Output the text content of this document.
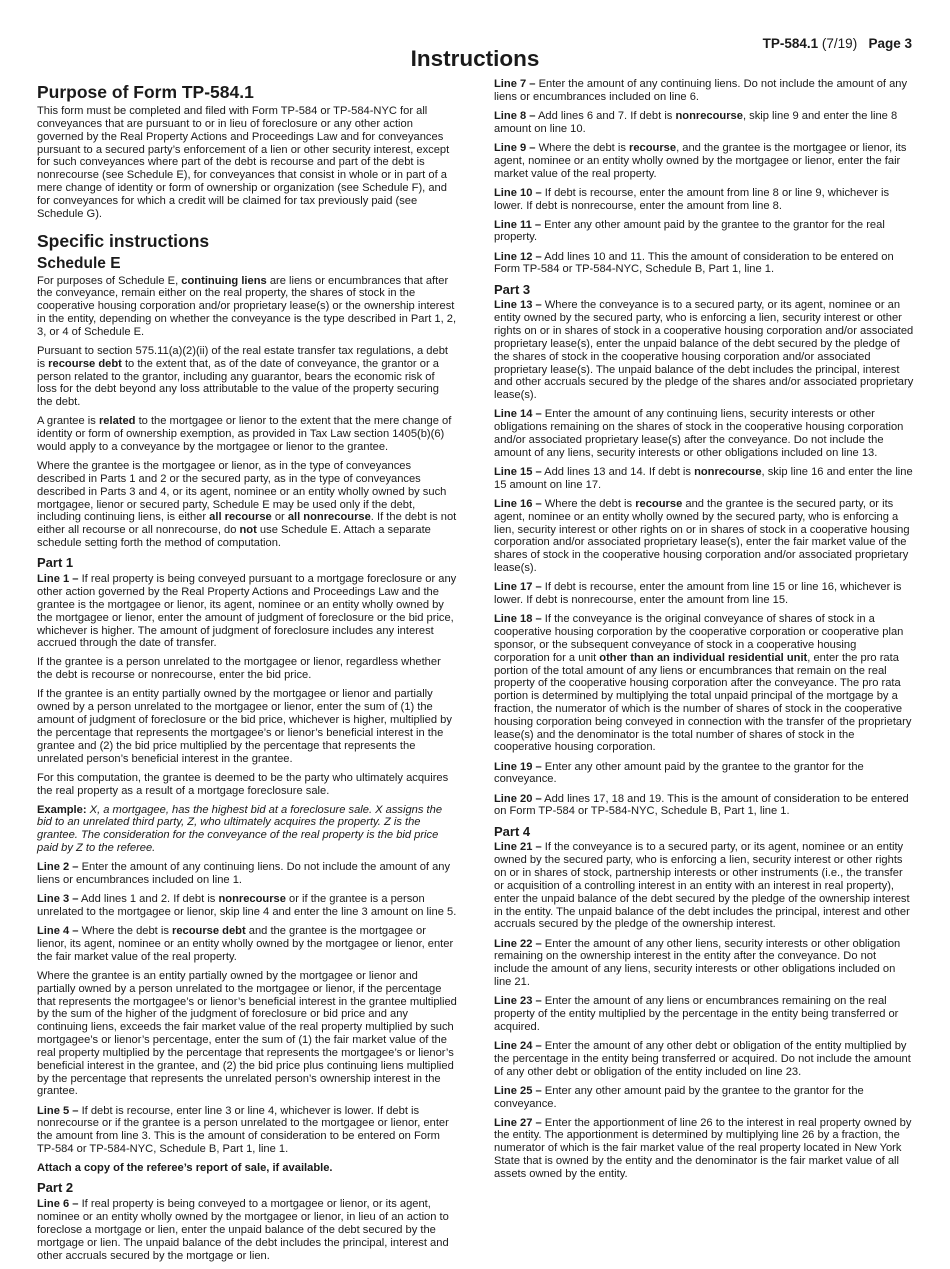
TP-584.1 (7/19) Page 3
Instructions
Purpose of Form TP-584.1

This form must be completed and filed with Form TP-584 or TP-584-NYC for all conveyances that are pursuant to or in lieu of foreclosure or any other action governed by the Real Property Actions and Proceedings Law and for conveyances pursuant to a secured party’s enforcement of a lien or other security interest, except for such conveyances where part of the debt is recourse and part of the debt is nonrecourse (see Schedule E), for conveyances that consist in whole or in part of a mere change of identity or form of ownership or organization (see Schedule F), and for conveyances for which a credit will be claimed for tax previously paid (see Schedule G).

Specific instructions
Schedule E

For purposes of Schedule E, continuing liens are liens or encumbrances that after the conveyance, remain either on the real property, the shares of stock in the cooperative housing corporation and/or proprietary lease(s) or the ownership interest in the entity, depending on whether the conveyance is the type described in Part 1, 2, 3, or 4 of Schedule E.

Pursuant to section 575.11(a)(2)(ii) of the real estate transfer tax regulations, a debt is recourse debt to the extent that, as of the date of conveyance, the grantor or a person related to the grantor, including any guarantor, bears the economic risk of loss for the debt beyond any loss attributable to the value of the property securing the debt.

A grantee is related to the mortgagee or lienor to the extent that the mere change of identity or form of ownership exemption, as provided in Tax Law section 1405(b)(6) would apply to a conveyance by the mortgagee or lienor to the grantee.

Where the grantee is the mortgagee or lienor, as in the type of conveyances described in Parts 1 and 2 or the secured party, as in the type of conveyances described in Parts 3 and 4, or its agent, nominee or an entity wholly owned by such mortgagee, lienor or secured party, Schedule E may be used only if the debt, including continuing liens, is either all recourse or all nonrecourse. If the debt is not either all recourse or all nonrecourse, do not use Schedule E. Attach a separate schedule setting forth the method of computation.

Part 1

Line 1 – If real property is being conveyed pursuant to a mortgage foreclosure or any other action governed by the Real Property Actions and Proceedings Law and the grantee is the mortgagee or lienor, its agent, nominee or an entity wholly owned by the mortgagee or lienor, enter the amount of judgment of foreclosure or the bid price, whichever is higher. The amount of judgment of foreclosure includes any interest accrued through the date of transfer.

If the grantee is a person unrelated to the mortgagee or lienor, regardless whether the debt is recourse or nonrecourse, enter the bid price.

If the grantee is an entity partially owned by the mortgagee or lienor and partially owned by a person unrelated to the mortgagee or lienor, enter the sum of (1) the amount of judgment of foreclosure or the bid price, whichever is higher, multiplied by the percentage that represents the mortgagee’s or lienor’s beneficial interest in the grantee and (2) the bid price multiplied by the percentage that represents the unrelated person’s beneficial interest in the grantee.

For this computation, the grantee is deemed to be the party who ultimately acquires the real property as a result of a mortgage foreclosure sale.

Example: X, a mortgagee, has the highest bid at a foreclosure sale. X assigns the bid to an unrelated third party, Z, who ultimately acquires the property. Z is the grantee. The consideration for the conveyance of the real property is the bid price paid by Z to the referee.

Line 2 – Enter the amount of any continuing liens. Do not include the amount of any liens or encumbrances included on line 1.

Line 3 – Add lines 1 and 2. If debt is nonrecourse or if the grantee is a person unrelated to the mortgagee or lienor, skip line 4 and enter the line 3 amount on line 5.

Line 4 – Where the debt is recourse debt and the grantee is the mortgagee or lienor, its agent, nominee or an entity wholly owned by the mortgagee or lienor, enter the fair market value of the real property.

Where the grantee is an entity partially owned by the mortgagee or lienor and partially owned by a person unrelated to the mortgagee or lienor, if the percentage that represents the mortgagee’s or lienor’s beneficial interest in the grantee multiplied by the sum of the higher of the judgment of foreclosure or bid price and any continuing liens, exceeds the fair market value of the real property multiplied by such mortgagee’s or lienor’s percentage, enter the sum of (1) the fair market value of the real property multiplied by the percentage that represents the mortgagee’s or lienor’s beneficial interest in the grantee, and (2) the bid price plus continuing liens multiplied by the percentage that represents the unrelated person’s ownership interest in the grantee.

Line 5 – If debt is recourse, enter line 3 or line 4, whichever is lower. If debt is nonrecourse or if the grantee is a person unrelated to the mortgagee or lienor, enter the amount from line 3. This is the amount of consideration to be entered on Form TP-584 or TP-584-NYC, Schedule B, Part 1, line 1.

Attach a copy of the referee’s report of sale, if available.

Part 2

Line 6 – If real property is being conveyed to a mortgagee or lienor, or its agent, nominee or an entity wholly owned by the mortgagee or lienor, in lieu of an action to foreclose a mortgage or lien, enter the unpaid balance of the debt secured by the mortgage or lien. The unpaid balance of the debt includes the principal, interest and other accruals secured by the mortgage or lien.

Line 7 – Enter the amount of any continuing liens. Do not include the amount of any liens or encumbrances included on line 6.

Line 8 – Add lines 6 and 7. If debt is nonrecourse, skip line 9 and enter the line 8 amount on line 10.

Line 9 – Where the debt is recourse, and the grantee is the mortgagee or lienor, its agent, nominee or an entity wholly owned by the mortgagee or lienor, enter the fair market value of the real property.

Line 10 – If debt is recourse, enter the amount from line 8 or line 9, whichever is lower. If debt is nonrecourse, enter the amount from line 8.

Line 11 – Enter any other amount paid by the grantee to the grantor for the real property.

Line 12 – Add lines 10 and 11. This the amount of consideration to be entered on Form TP-584 or TP-584-NYC, Schedule B, Part 1, line 1.

Part 3

Line 13 – Where the conveyance is to a secured party, or its agent, nominee or an entity owned by the secured party, who is enforcing a lien, security interest or other rights on or in shares of stock in a cooperative housing corporation and/or associated proprietary lease(s), enter the unpaid balance of the debt secured by the pledge of the shares of stock in the cooperative housing corporation and/or associated proprietary lease(s). The unpaid balance of the debt includes the principal, interest and other accruals secured by the pledge of the shares and/or associated proprietary lease(s).

Line 14 – Enter the amount of any continuing liens, security interests or other obligations remaining on the shares of stock in the cooperative housing corporation and/or associated proprietary lease(s) after the conveyance. Do not include the amount of any liens, security interests or other obligations included on line 13.

Line 15 – Add lines 13 and 14. If debt is nonrecourse, skip line 16 and enter the line 15 amount on line 17.

Line 16 – Where the debt is recourse and the grantee is the secured party, or its agent, nominee or an entity wholly owned by the secured party, who is enforcing a lien, security interest or other rights on or in shares of stock in a cooperative housing corporation and/or associated proprietary lease(s), enter the fair market value of the shares of stock in the cooperative housing corporation and/or associated proprietary lease(s).

Line 17 – If debt is recourse, enter the amount from line 15 or line 16, whichever is lower. If debt is nonrecourse, enter the amount from line 15.

Line 18 – If the conveyance is the original conveyance of shares of stock in a cooperative housing corporation by the cooperative corporation or cooperative plan sponsor, or the subsequent conveyance of stock in a cooperative housing corporation for a unit other than an individual residential unit, enter the pro rata portion of the total amount of any liens or encumbrances that remain on the real property of the cooperative housing corporation after the conveyance. The pro rata portion is determined by multiplying the total unpaid principal of the mortgage by a fraction, the numerator of which is the number of shares of stock in the cooperative housing corporation being conveyed in connection with the transfer of the proprietary lease(s) and the denominator is the total number of shares of stock in the cooperative housing corporation.

Line 19 – Enter any other amount paid by the grantee to the grantor for the conveyance.

Line 20 – Add lines 17, 18 and 19. This is the amount of consideration to be entered on Form TP-584 or TP-584-NYC, Schedule B, Part 1, line 1.

Part 4

Line 21 – If the conveyance is to a secured party, or its agent, nominee or an entity owned by the secured party, who is enforcing a lien, security interest or other rights on or in shares of stock, partnership interests or other instruments (i.e., the transfer or acquisition of a controlling interest in an entity with an interest in real property), enter the unpaid balance of the debt secured by the pledge of the ownership interest in the entity. The unpaid balance of the debt includes the principal, interest and other accruals secured by the pledge of the ownership interest.

Line 22 – Enter the amount of any other liens, security interests or other obligation remaining on the ownership interest in the entity after the conveyance. Do not include the amount of any liens, security interests or other obligations included on line 21.

Line 23 – Enter the amount of any liens or encumbrances remaining on the real property of the entity multiplied by the percentage in the entity being transferred or acquired.

Line 24 – Enter the amount of any other debt or obligation of the entity multiplied by the percentage in the entity being transferred or acquired. Do not include the amount of any other debt or obligation of the entity included on line 23.

Line 25 – Enter any other amount paid by the grantee to the grantor for the conveyance.

Line 27 – Enter the apportionment of line 26 to the interest in real property owned by the entity. The apportionment is determined by multiplying line 26 by a fraction, the numerator of which is the fair market value of the real property located in New York State that is owned by the entity and the denominator is the fair market value of all assets owned by the entity.
